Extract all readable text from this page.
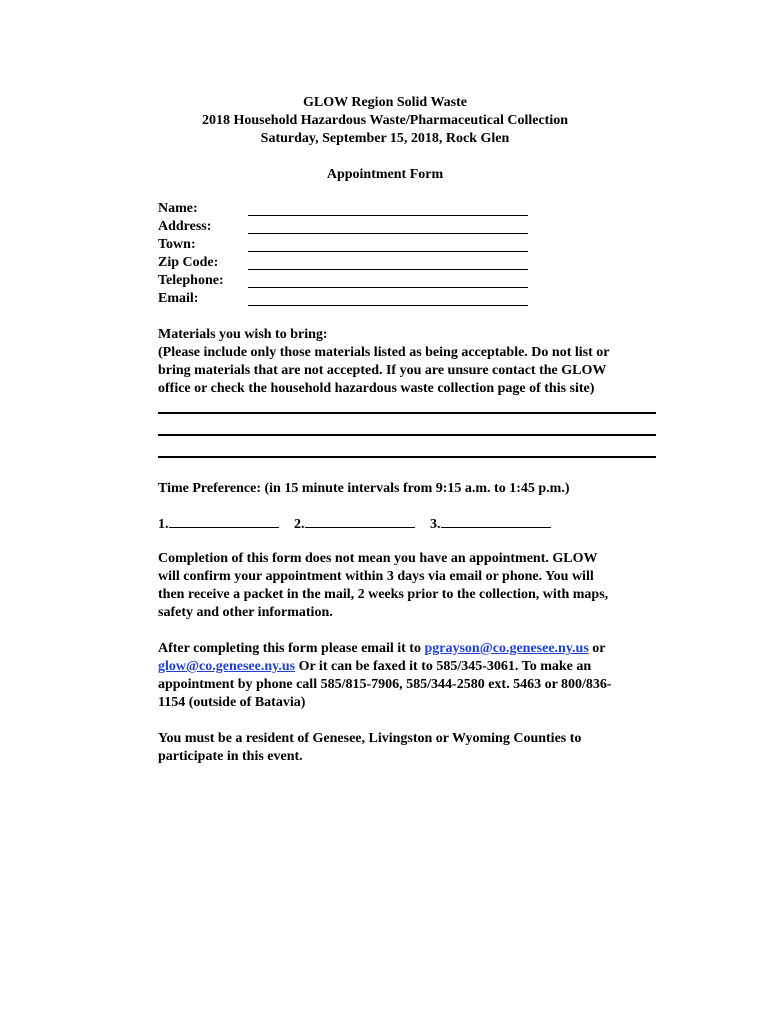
GLOW Region Solid Waste
2018 Household Hazardous Waste/Pharmaceutical Collection
Saturday, September 15, 2018, Rock Glen
Appointment Form
Name:
Address:
Town:
Zip Code:
Telephone:
Email:
Materials you wish to bring:
(Please include only those materials listed as being acceptable. Do not list or
bring materials that are not accepted. If you are unsure contact the GLOW
office or check the household hazardous waste collection page of this site)
Time Preference: (in 15 minute intervals from 9:15 a.m. to 1:45 p.m.)
1.	2.	3.
Completion of this form does not mean you have an appointment. GLOW
will confirm your appointment within 3 days via email or phone. You will
then receive a packet in the mail, 2 weeks prior to the collection, with maps,
safety and other information.
After completing this form please email it to pgrayson@co.genesee.ny.us or
glow@co.genesee.ny.us Or it can be faxed it to 585/345-3061. To make an
appointment by phone call 585/815-7906, 585/344-2580 ext. 5463 or 800/836-
1154 (outside of Batavia)
You must be a resident of Genesee, Livingston or Wyoming Counties to
participate in this event.
